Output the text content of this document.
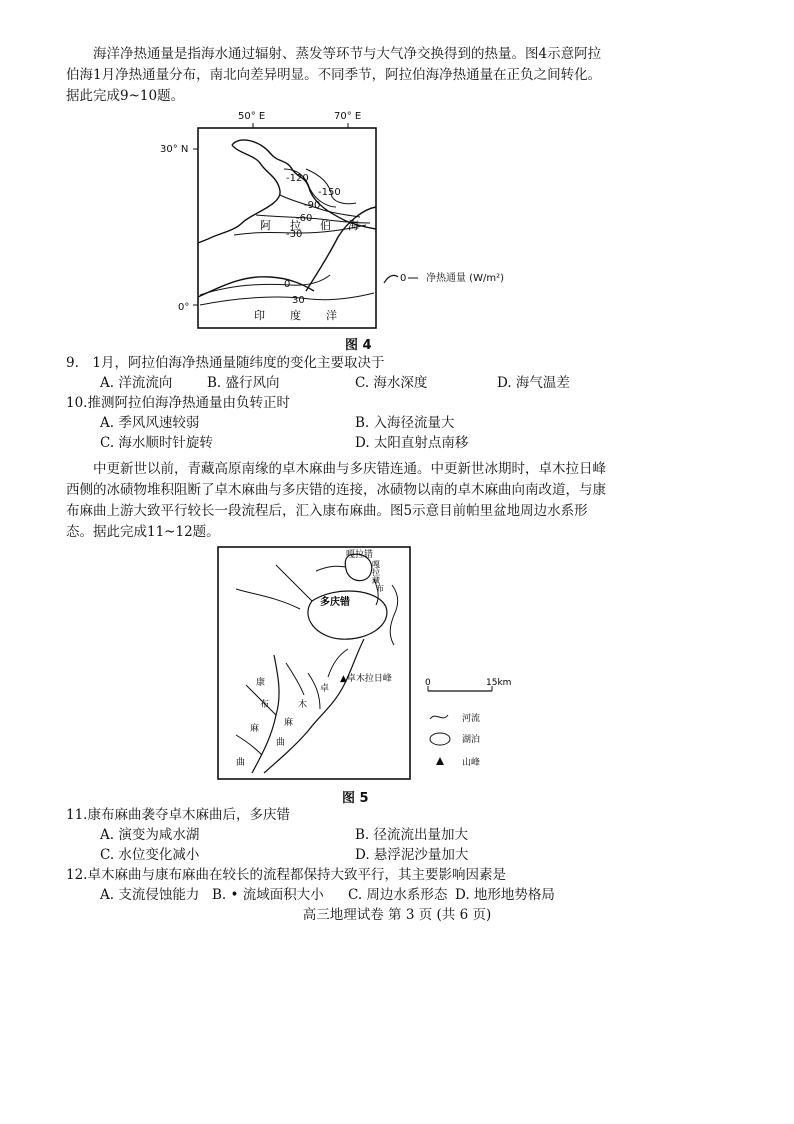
海洋净热通量是指海水通过辐射、蒸发等环节与大气净交换得到的热量。图4示意阿拉伯海1月净热通量分布，南北向差异明显。不同季节，阿拉伯海净热通量在正负之间转化。据此完成9~10题。
50° E	70° E
30° N
0°
-120
-150
-90
-60
-30
0
30
阿 拉 伯 海
印 度 洋
0 净热通量 (W/m²)
图 4
9.　1月，阿拉伯海净热通量随纬度的变化主要取决于
A. 洋流流向	B. 盛行风向	C. 海水深度	D. 海气温差
10.推测阿拉伯海净热通量由负转正时
A. 季风风速较弱	B. 入海径流量大
C. 海水顺时针旋转	D. 太阳直射点南移
中更新世以前，青藏高原南缘的卓木麻曲与多庆错连通。中更新世冰期时，卓木拉日峰西侧的冰碛物堆积阻断了卓木麻曲与多庆错的连接，冰碛物以南的卓木麻曲向南改道，与康布麻曲上游大致平行较长一段流程后，汇入康布麻曲。图5示意目前帕里盆地周边水系形态。据此完成11~12题。
嘎拉错
嘎
拉
藏
布
多庆错
▲卓木拉日峰
康
布
麻
曲
卓
木
麻
曲
0	15km
河流
湖泊
山峰
图 5
11.康布麻曲袭夺卓木麻曲后，多庆错
A. 演变为咸水湖	B. 径流流出量加大
C. 水位变化减小	D. 悬浮泥沙量加大
12.卓木麻曲与康布麻曲在较长的流程都保持大致平行，其主要影响因素是
A. 支流侵蚀能力 B. • 流域面积大小 C. 周边水系形态 D. 地形地势格局
高三地理试卷 第 3 页 (共 6 页)
